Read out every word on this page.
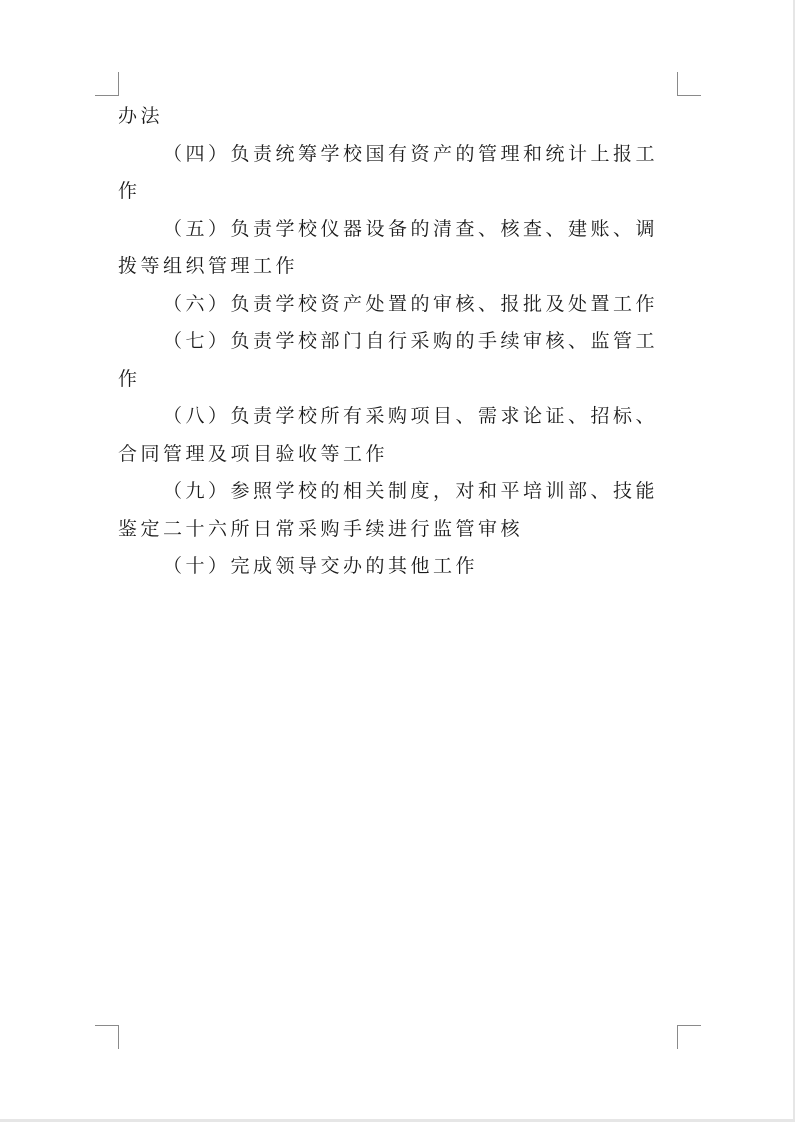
办法

（四）负责统筹学校国有资产的管理和统计上报工作

（五）负责学校仪器设备的清查、核查、建账、调拨等组织管理工作

（六）负责学校资产处置的审核、报批及处置工作

（七）负责学校部门自行采购的手续审核、监管工作

（八）负责学校所有采购项目、需求论证、招标、合同管理及项目验收等工作

（九）参照学校的相关制度，对和平培训部、技能鉴定二十六所日常采购手续进行监管审核

（十）完成领导交办的其他工作
